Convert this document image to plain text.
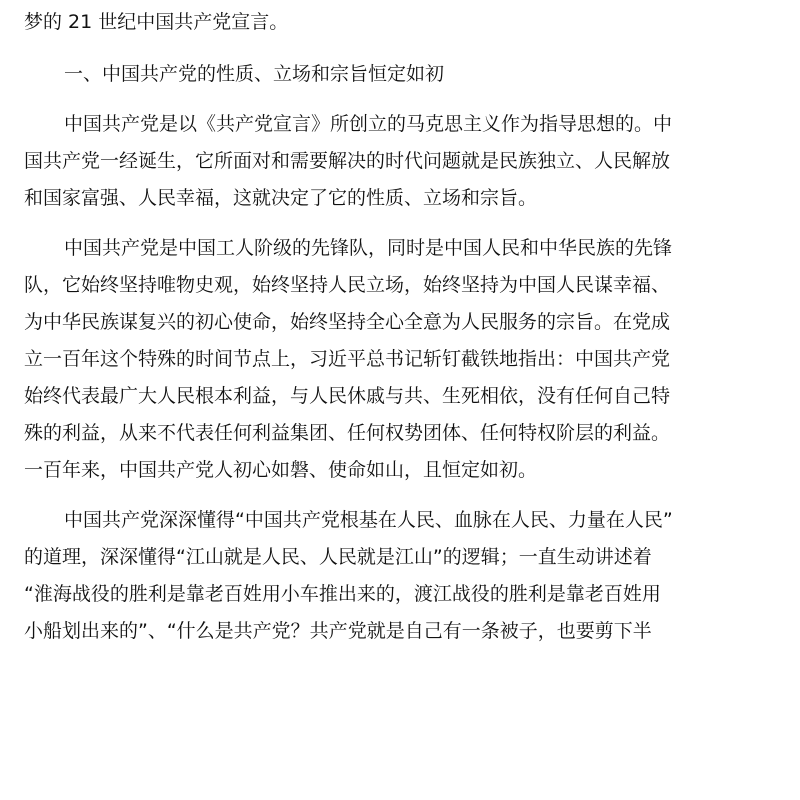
梦的 21 世纪中国共产党宣言。
一、中国共产党的性质、立场和宗旨恒定如初
中国共产党是以《共产党宣言》所创立的马克思主义作为指导思想的。中
国共产党一经诞生，它所面对和需要解决的时代问题就是民族独立、人民解放
和国家富强、人民幸福，这就决定了它的性质、立场和宗旨。
中国共产党是中国工人阶级的先锋队，同时是中国人民和中华民族的先锋
队，它始终坚持唯物史观，始终坚持人民立场，始终坚持为中国人民谋幸福、
为中华民族谋复兴的初心使命，始终坚持全心全意为人民服务的宗旨。在党成
立一百年这个特殊的时间节点上，习近平总书记斩钉截铁地指出：中国共产党
始终代表最广大人民根本利益，与人民休戚与共、生死相依，没有任何自己特
殊的利益，从来不代表任何利益集团、任何权势团体、任何特权阶层的利益。
一百年来，中国共产党人初心如磐、使命如山，且恒定如初。
中国共产党深深懂得“中国共产党根基在人民、血脉在人民、力量在人民”
的道理，深深懂得“江山就是人民、人民就是江山”的逻辑；一直生动讲述着
“淮海战役的胜利是靠老百姓用小车推出来的，渡江战役的胜利是靠老百姓用
小船划出来的”、“什么是共产党？共产党就是自己有一条被子，也要剪下半
